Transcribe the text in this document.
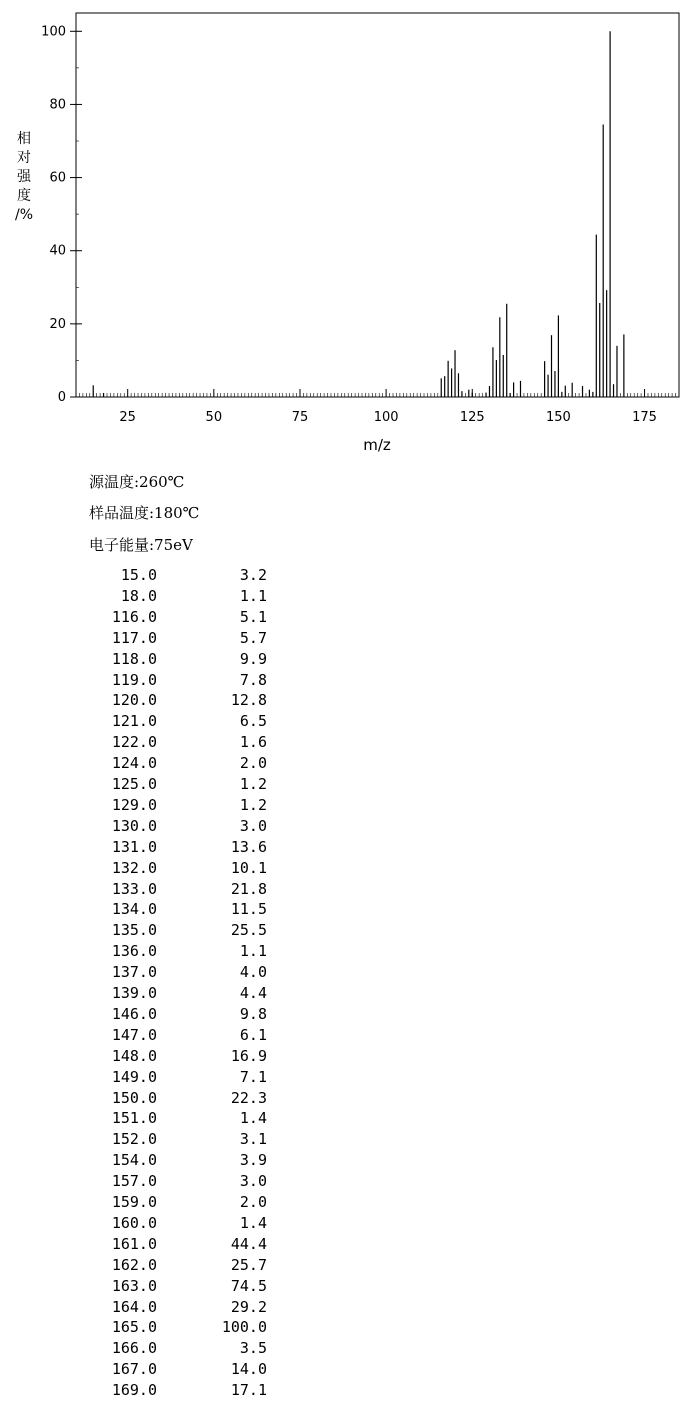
0
20
40
60
80
100
25	50	75	100	125	150	175
m/z
相
对
强
度
/%
源温度:260℃
样品温度:180℃
电子能量:75eV
15.0	3.2
18.0	1.1
116.0	5.1
117.0	5.7
118.0	9.9
119.0	7.8
120.0	12.8
121.0	6.5
122.0	1.6
124.0	2.0
125.0	1.2
129.0	1.2
130.0	3.0
131.0	13.6
132.0	10.1
133.0	21.8
134.0	11.5
135.0	25.5
136.0	1.1
137.0	4.0
139.0	4.4
146.0	9.8
147.0	6.1
148.0	16.9
149.0	7.1
150.0	22.3
151.0	1.4
152.0	3.1
154.0	3.9
157.0	3.0
159.0	2.0
160.0	1.4
161.0	44.4
162.0	25.7
163.0	74.5
164.0	29.2
165.0	100.0
166.0	3.5
167.0	14.0
169.0	17.1
